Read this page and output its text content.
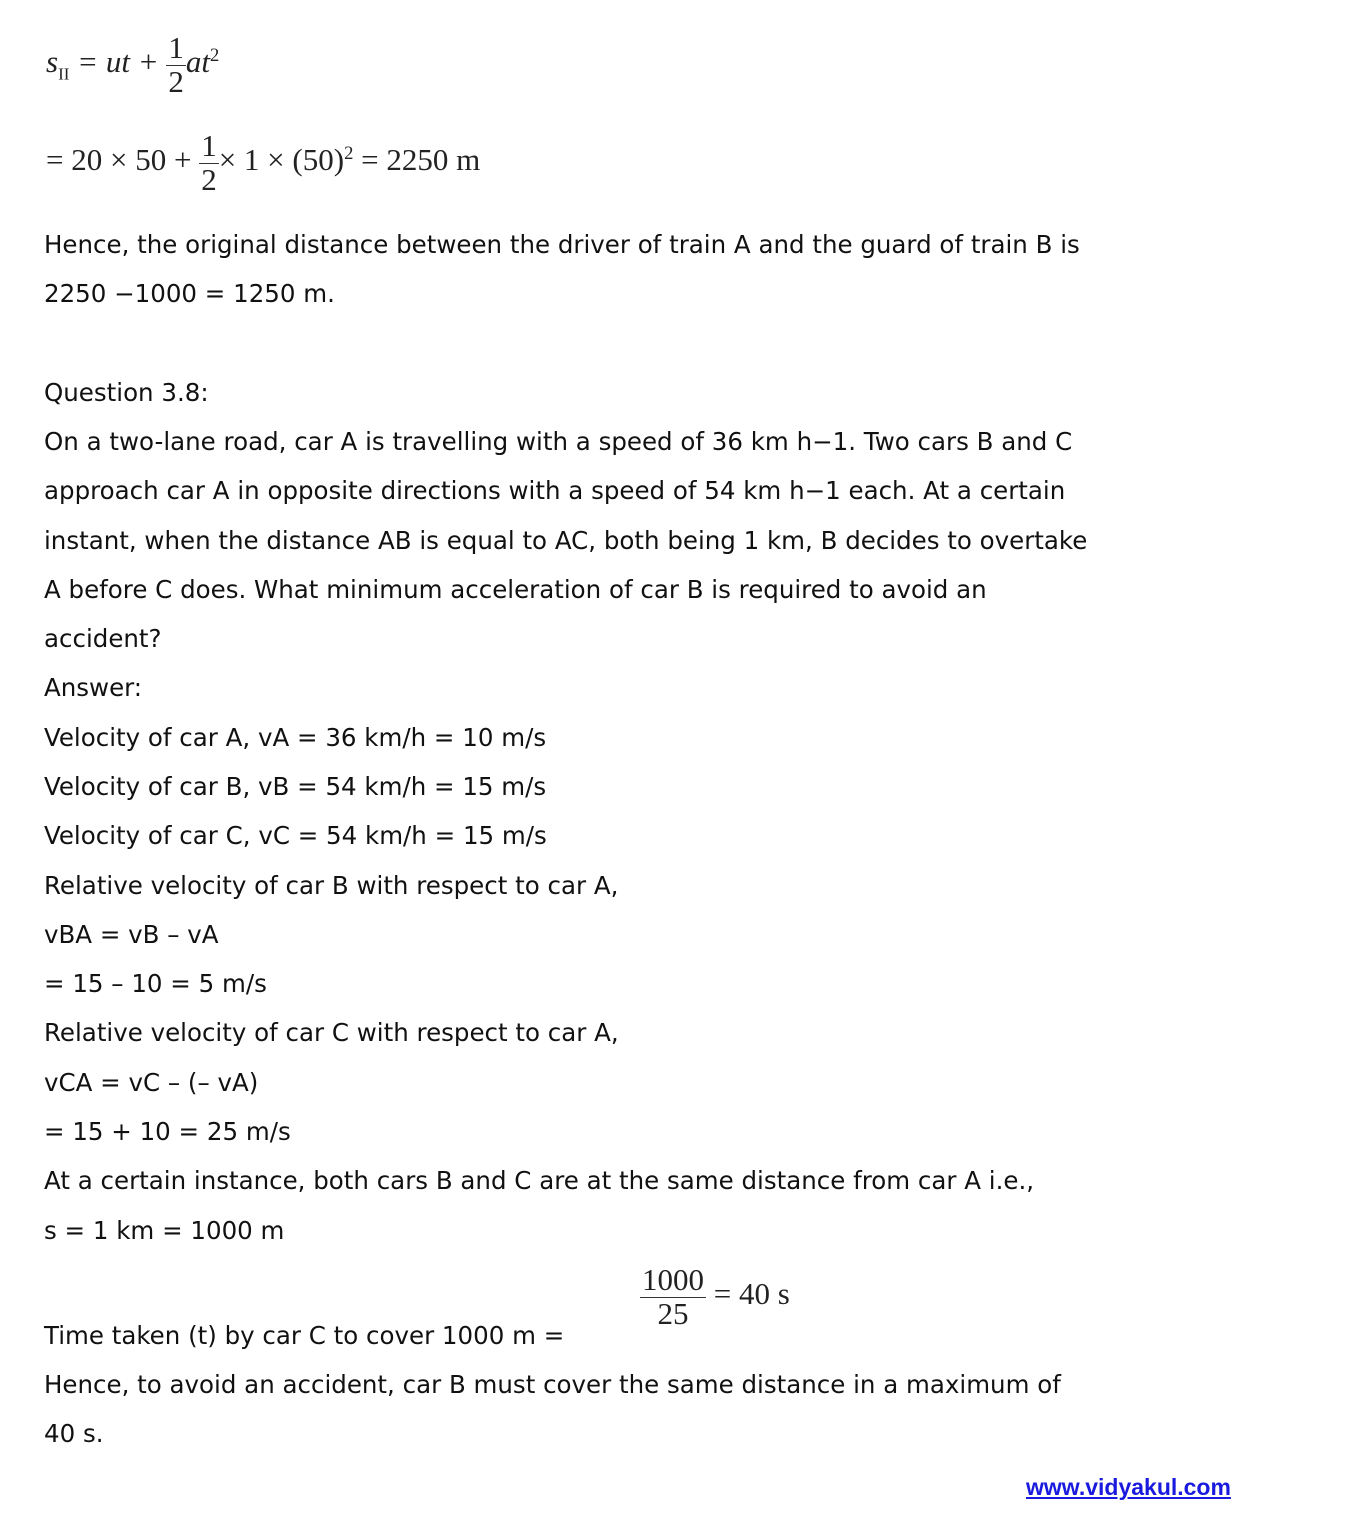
$s_{II}$ = ut + $\frac{1}{2} at^2$
= $20 \times 50 + \frac{1}{2} \times 1 \times (50)^2 = 2250$ m
Hence, the original distance between the driver of train A and the guard of train B is
2250 −1000 = 1250 m.
Question 3.8:
On a two-lane road, car A is travelling with a speed of 36 km h−1. Two cars B and C
approach car A in opposite directions with a speed of 54 km h−1 each. At a certain
instant, when the distance AB is equal to AC, both being 1 km, B decides to overtake
A before C does. What minimum acceleration of car B is required to avoid an
accident?
Answer:
Velocity of car A, vA = 36 km/h = 10 m/s
Velocity of car B, vB = 54 km/h = 15 m/s
Velocity of car C, vC = 54 km/h = 15 m/s
Relative velocity of car B with respect to car A,
vBA = vB – vA
= 15 – 10 = 5 m/s
Relative velocity of car C with respect to car A,
vCA = vC – (– vA)
= 15 + 10 = 25 m/s
At a certain instance, both cars B and C are at the same distance from car A i.e.,
s = 1 km = 1000 m
Time taken (t) by car C to cover 1000 m =
$\frac{1000}{25} = 40$ s
Hence, to avoid an accident, car B must cover the same distance in a maximum of
40 s.
www.vidyakul.com
